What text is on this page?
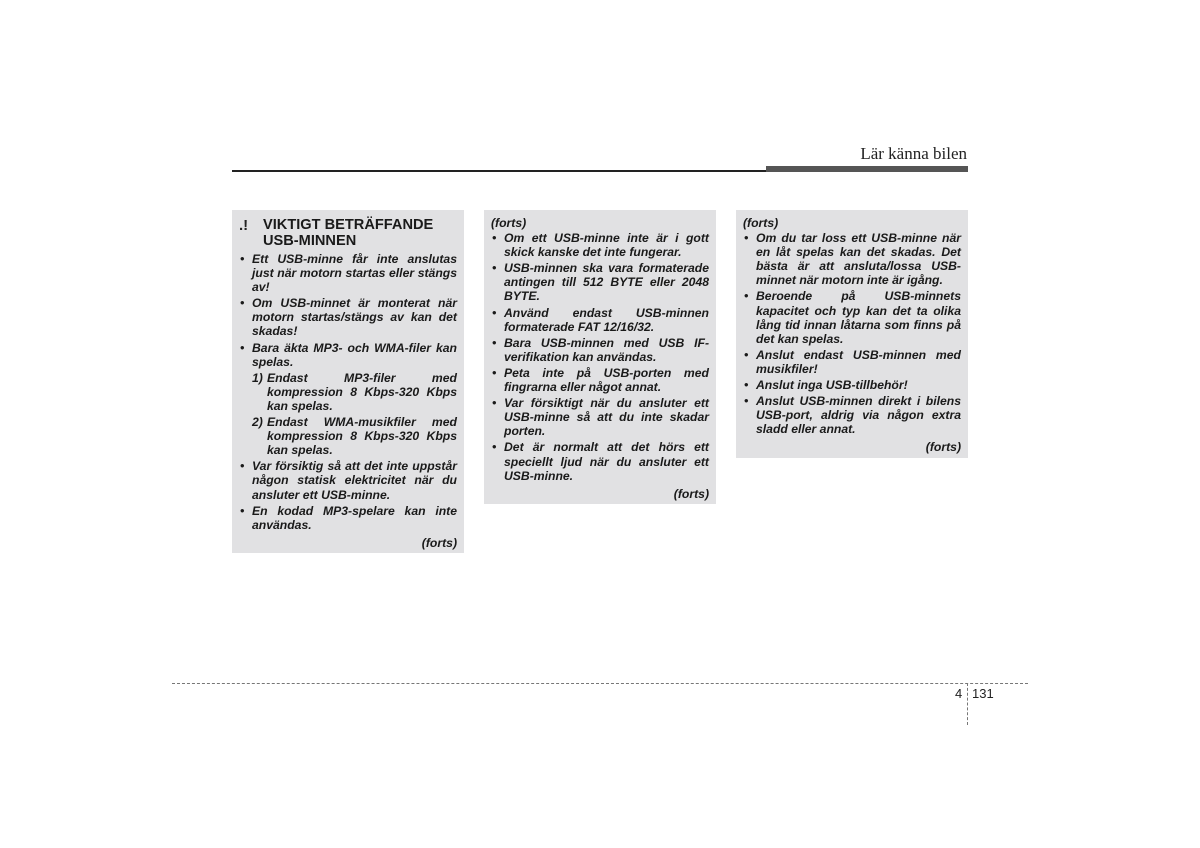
Lär känna bilen
.!	VIKTIGT BETRÄFFANDE
USB-MINNEN
• Ett USB-minne får inte anslutas just när motorn startas eller stängs av!
• Om USB-minnet är monterat när motorn startas/stängs av kan det skadas!
• Bara äkta MP3- och WMA-filer kan spelas.
1) Endast MP3-filer med kompression 8 Kbps-320 Kbps kan spelas.
2) Endast WMA-musikfiler med kompression 8 Kbps-320 Kbps kan spelas.
• Var försiktig så att det inte uppstår någon statisk elektricitet när du ansluter ett USB-minne.
• En kodad MP3-spelare kan inte användas.
(forts)
(forts)
• Om ett USB-minne inte är i gott skick kanske det inte fungerar.
• USB-minnen ska vara formaterade antingen till 512 BYTE eller 2048 BYTE.
• Använd endast USB-minnen formaterade FAT 12/16/32.
• Bara USB-minnen med USB IF-verifikation kan användas.
• Peta inte på USB-porten med fingrarna eller något annat.
• Var försiktigt när du ansluter ett USB-minne så att du inte skadar porten.
• Det är normalt att det hörs ett speciellt ljud när du ansluter ett USB-minne.
(forts)
(forts)
• Om du tar loss ett USB-minne när en låt spelas kan det skadas. Det bästa är att ansluta/lossa USB-minnet när motorn inte är igång.
• Beroende på USB-minnets kapacitet och typ kan det ta olika lång tid innan låtarna som finns på det kan spelas.
• Anslut endast USB-minnen med musikfiler!
• Anslut inga USB-tillbehör!
• Anslut USB-minnen direkt i bilens USB-port, aldrig via någon extra sladd eller annat.
(forts)
4 131
